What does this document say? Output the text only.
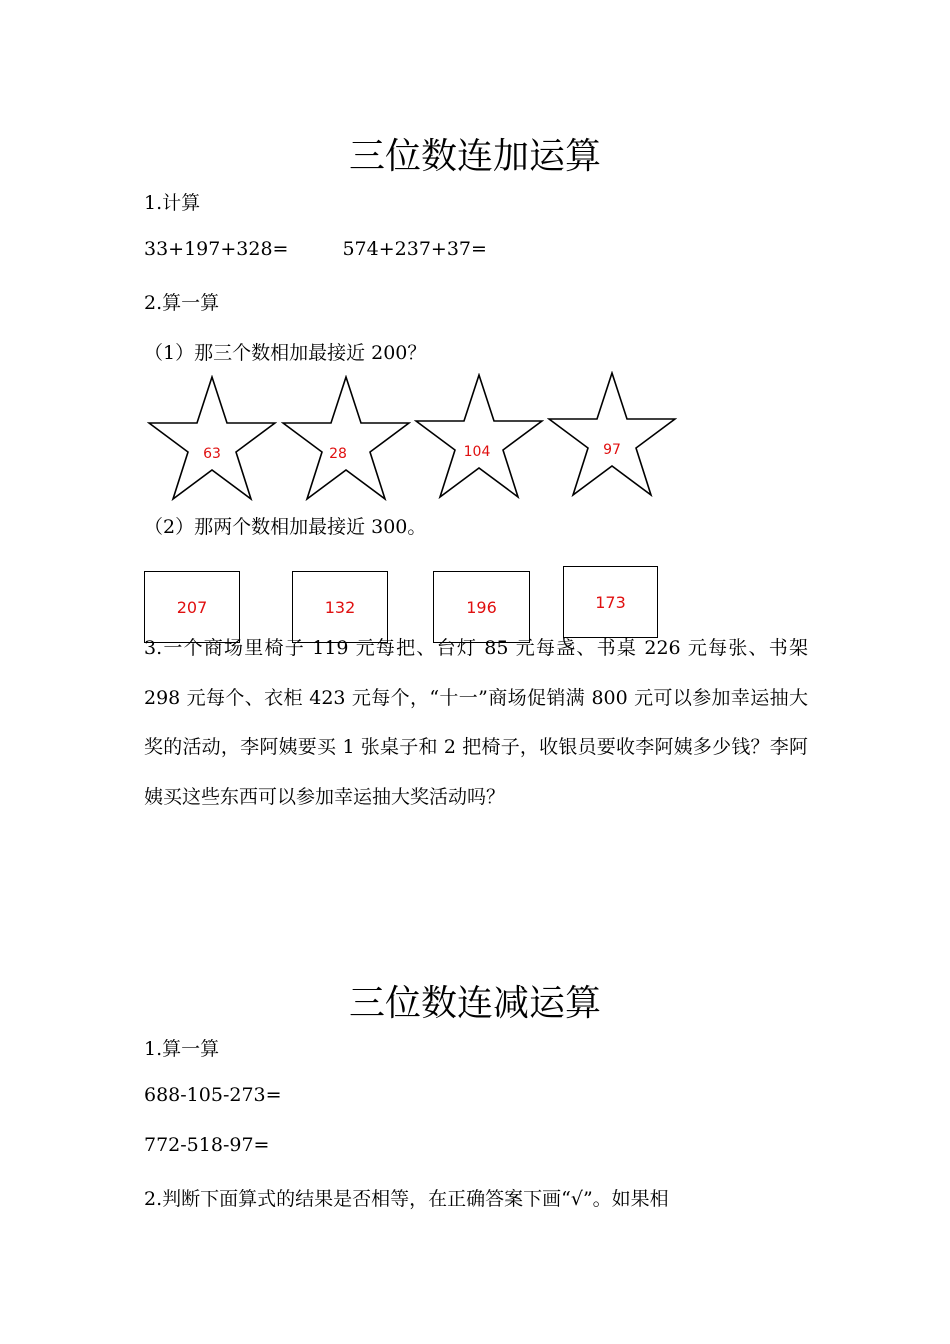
三位数连加运算

1.计算

33+197+328=	574+237+37=

2.算一算

（1）那三个数相加最接近 200？

63	28	104	97

（2）那两个数相加最接近 300。

207	132	196	173

3.一个商场里椅子 119 元每把、台灯 85 元每盏、书桌 226 元每张、书架 298 元每个、衣柜 423 元每个，“十一”商场促销满 800 元可以参加幸运抽大奖的活动，李阿姨要买 1 张桌子和 2 把椅子，收银员要收李阿姨多少钱？李阿姨买这些东西可以参加幸运抽大奖活动吗？

三位数连减运算

1.算一算

688-105-273=

772-518-97=

2.判断下面算式的结果是否相等，在正确答案下画“√”。如果相
